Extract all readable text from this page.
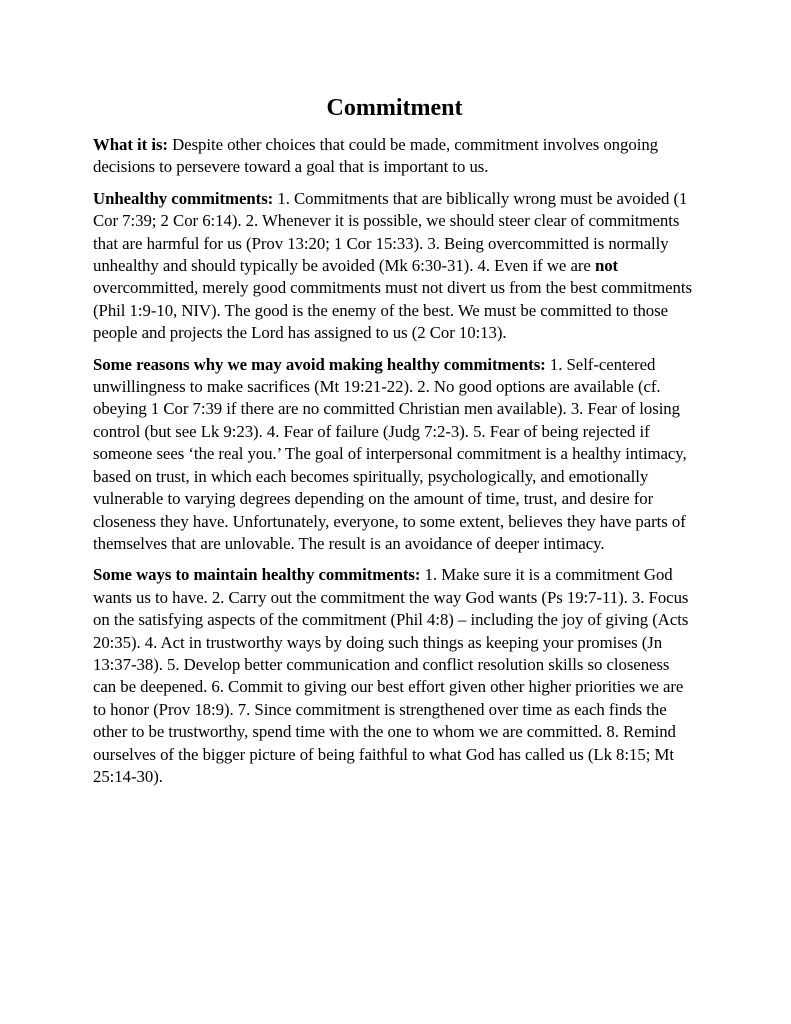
Commitment

What it is: Despite other choices that could be made, commitment involves ongoing decisions to persevere toward a goal that is important to us.

Unhealthy commitments: 1. Commitments that are biblically wrong must be avoided (1 Cor 7:39; 2 Cor 6:14). 2. Whenever it is possible, we should steer clear of commitments that are harmful for us (Prov 13:20; 1 Cor 15:33). 3. Being overcommitted is normally unhealthy and should typically be avoided (Mk 6:30-31). 4. Even if we are not overcommitted, merely good commitments must not divert us from the best commitments (Phil 1:9-10, NIV). The good is the enemy of the best. We must be committed to those people and projects the Lord has assigned to us (2 Cor 10:13).

Some reasons why we may avoid making healthy commitments: 1. Self-centered unwillingness to make sacrifices (Mt 19:21-22). 2. No good options are available (cf. obeying 1 Cor 7:39 if there are no committed Christian men available). 3. Fear of losing control (but see Lk 9:23). 4. Fear of failure (Judg 7:2-3). 5. Fear of being rejected if someone sees ‘the real you.’ The goal of interpersonal commitment is a healthy intimacy, based on trust, in which each becomes spiritually, psychologically, and emotionally vulnerable to varying degrees depending on the amount of time, trust, and desire for closeness they have. Unfortunately, everyone, to some extent, believes they have parts of themselves that are unlovable. The result is an avoidance of deeper intimacy.

Some ways to maintain healthy commitments: 1. Make sure it is a commitment God wants us to have. 2. Carry out the commitment the way God wants (Ps 19:7-11). 3. Focus on the satisfying aspects of the commitment (Phil 4:8) – including the joy of giving (Acts 20:35). 4. Act in trustworthy ways by doing such things as keeping your promises (Jn 13:37-38). 5. Develop better communication and conflict resolution skills so closeness can be deepened. 6. Commit to giving our best effort given other higher priorities we are to honor (Prov 18:9). 7. Since commitment is strengthened over time as each finds the other to be trustworthy, spend time with the one to whom we are committed. 8. Remind ourselves of the bigger picture of being faithful to what God has called us (Lk 8:15; Mt 25:14-30).
